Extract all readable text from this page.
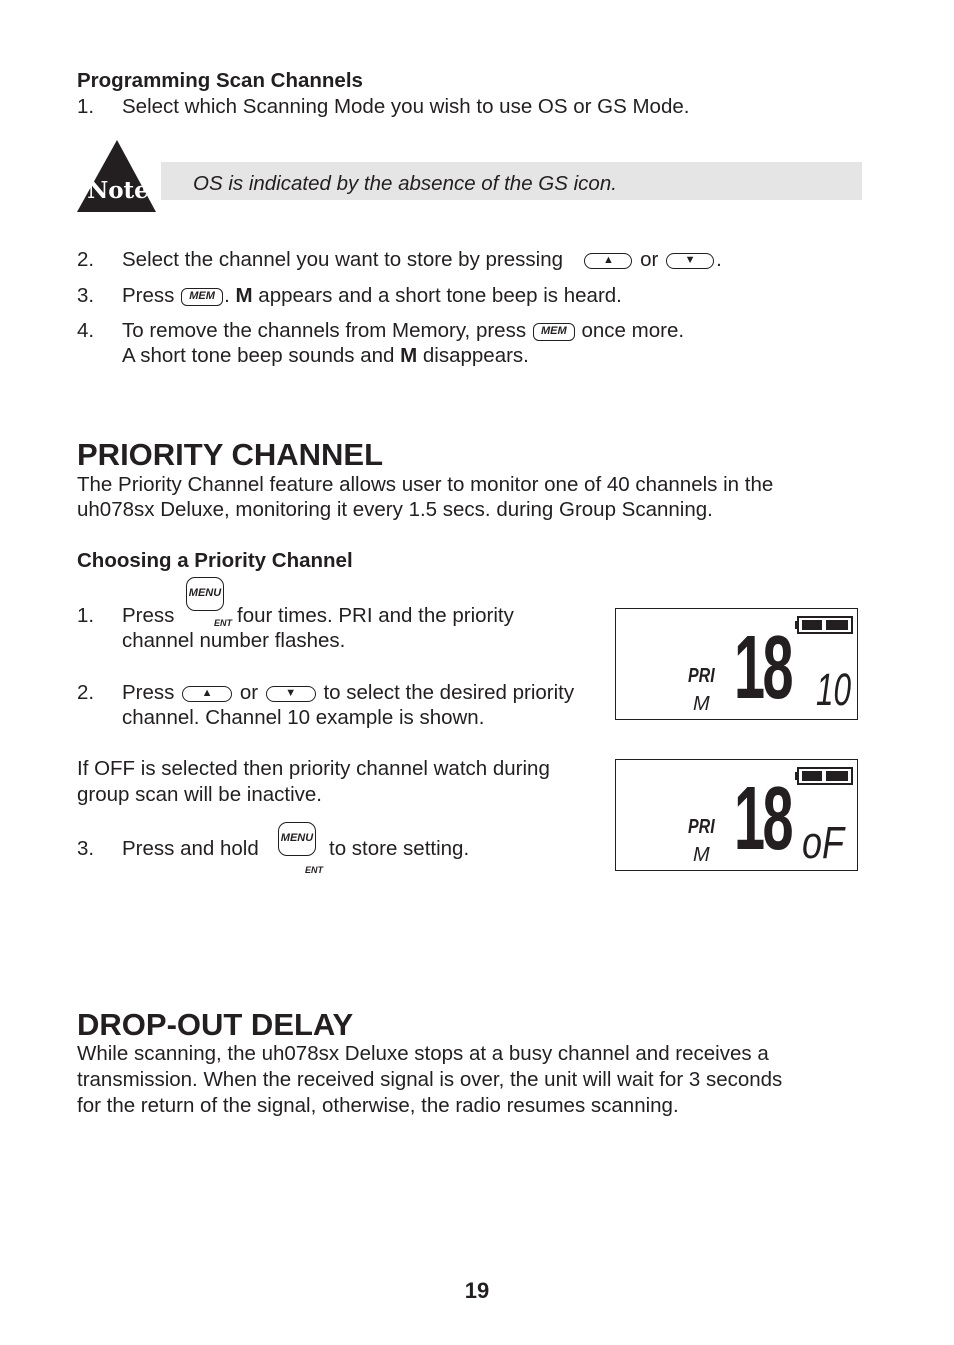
Programming Scan Channels
1. Select which Scanning Mode you wish to use OS or GS Mode.
Note	OS is indicated by the absence of the GS icon.
2. Select the channel you want to store by pressing	▲ or ▼ .
3. Press MEM . M appears and a short tone beep is heard.
4. To remove the channels from Memory, press MEM once more.
A short tone beep sounds and M disappears.
PRIORITY CHANNEL
The Priority Channel feature allows user to monitor one of 40 channels in the
uh078sx Deluxe, monitoring it every 1.5 secs. during Group Scanning.
Choosing a Priority Channel
1. Press
MENU
ENT four times. PRI and the priority
channel number flashes.
2. Press ▲ or ▼ to select the desired priority
channel. Channel 10 example is shown.
If OFF is selected then priority channel watch during
group scan will be inactive.
3. Press and hold MENU
ENT
to store setting.
PRI
M 18 10
PRI
M 18 oF
DROP-OUT DELAY
While scanning, the uh078sx Deluxe stops at a busy channel and receives a
transmission. When the received signal is over, the unit will wait for 3 seconds
for the return of the signal, otherwise, the radio resumes scanning.
19
